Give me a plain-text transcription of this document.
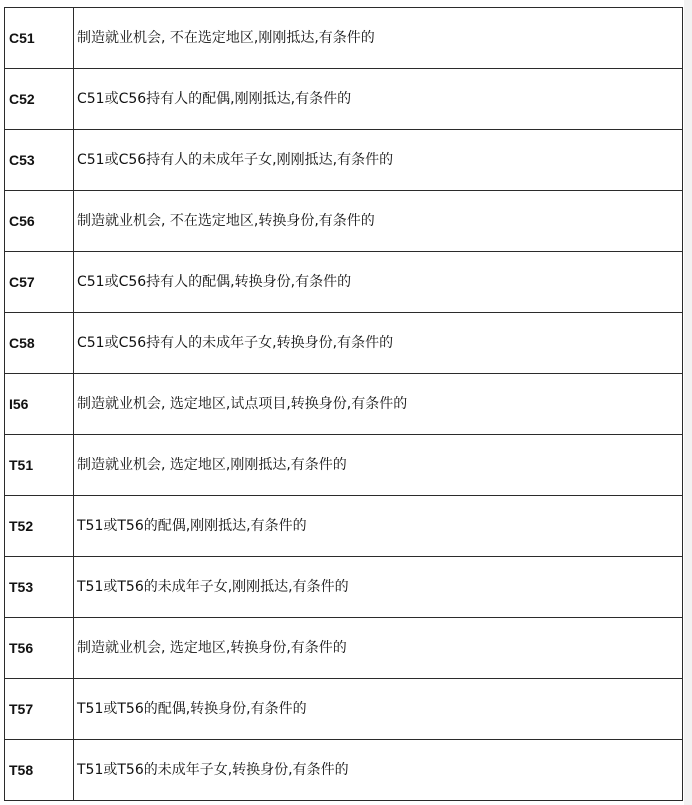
C51	制造就业机会, 不在选定地区,刚刚抵达,有条件的
C52	C51或C56持有人的配偶,刚刚抵达,有条件的
C53	C51或C56持有人的未成年子女,刚刚抵达,有条件的
C56	制造就业机会, 不在选定地区,转换身份,有条件的
C57	C51或C56持有人的配偶,转换身份,有条件的
C58	C51或C56持有人的未成年子女,转换身份,有条件的
I56	制造就业机会, 选定地区,试点项目,转换身份,有条件的
T51	制造就业机会, 选定地区,刚刚抵达,有条件的
T52	T51或T56的配偶,刚刚抵达,有条件的
T53	T51或T56的未成年子女,刚刚抵达,有条件的
T56	制造就业机会, 选定地区,转换身份,有条件的
T57	T51或T56的配偶,转换身份,有条件的
T58	T51或T56的未成年子女,转换身份,有条件的
